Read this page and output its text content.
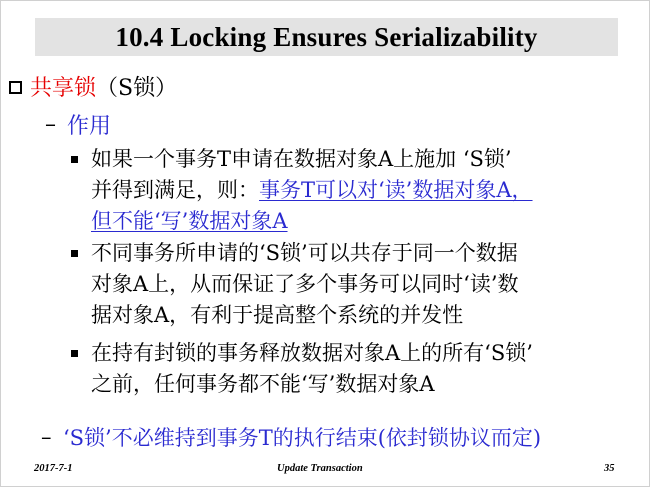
10.4 Locking Ensures Serializability
共享锁 （S锁）
– 作用
如果一个事务T申请在数据对象A上施加 ‘S锁’
并得到满足，则：事务T可以对‘读’数据对象A，
但不能‘写’数据对象A
不同事务所申请的‘S锁’可以共存于同一个数据
对象A上，从而保证了多个事务可以同时‘读’数
据对象A，有利于提高整个系统的并发性
在持有封锁的事务释放数据对象A上的所有‘S锁’
之前，任何事务都不能‘写’数据对象A
– ‘S锁’不必维持到事务T的执行结束(依封锁协议而定)
2017-7-1	Update Transaction	35
